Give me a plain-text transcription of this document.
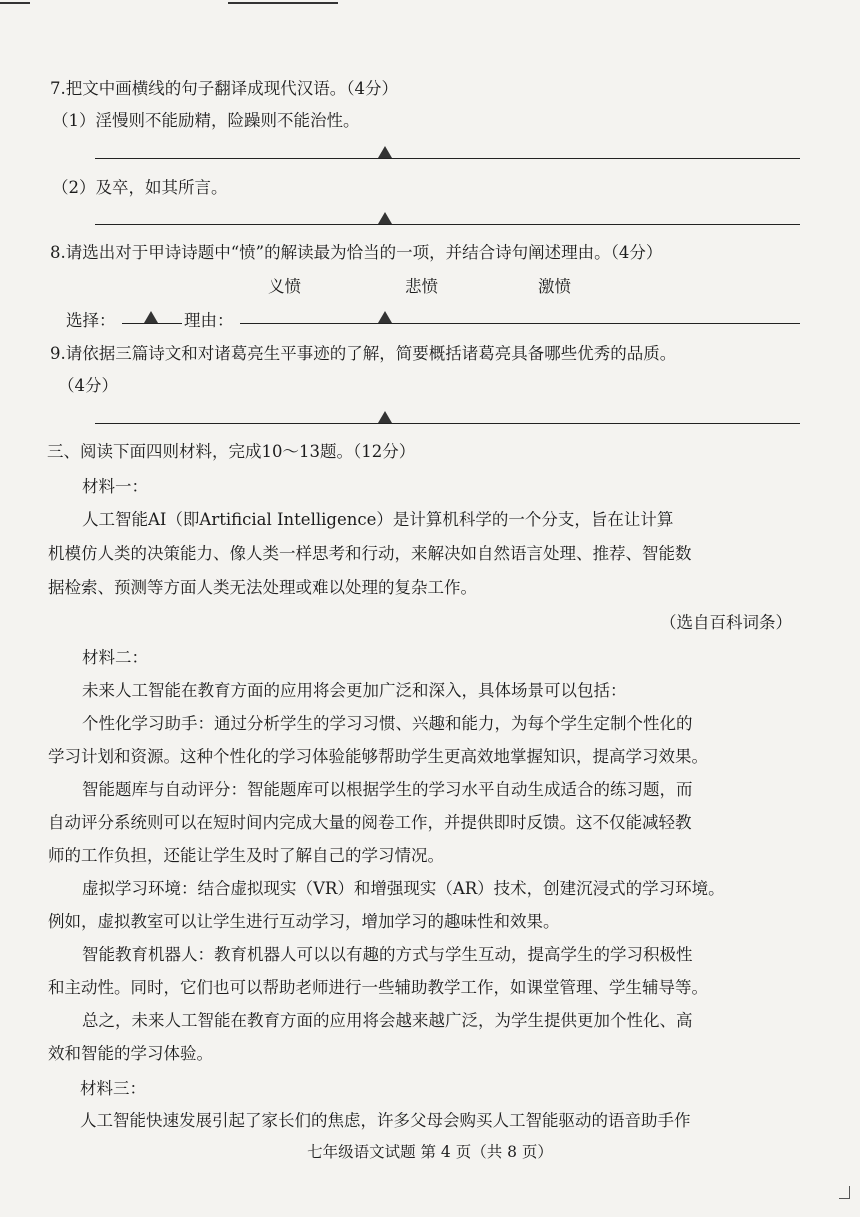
7.把文中画横线的句子翻译成现代汉语。（4分）
（1）淫慢则不能励精，险躁则不能治性。
（2）及卒，如其所言。
8.请选出对于甲诗诗题中“愤”的解读最为恰当的一项，并结合诗句阐述理由。（4分）
义愤	悲愤	激愤
选择：	理由：
9.请依据三篇诗文和对诸葛亮生平事迹的了解，简要概括诸葛亮具备哪些优秀的品质。
（4分）
三、阅读下面四则材料，完成10～13题。（12分）
材料一：
人工智能AI（即Artificial Intelligence）是计算机科学的一个分支，旨在让计算
机模仿人类的决策能力、像人类一样思考和行动，来解决如自然语言处理、推荐、智能数
据检索、预测等方面人类无法处理或难以处理的复杂工作。
（选自百科词条）
材料二：
未来人工智能在教育方面的应用将会更加广泛和深入，具体场景可以包括：
个性化学习助手：通过分析学生的学习习惯、兴趣和能力，为每个学生定制个性化的
学习计划和资源。这种个性化的学习体验能够帮助学生更高效地掌握知识，提高学习效果。
智能题库与自动评分：智能题库可以根据学生的学习水平自动生成适合的练习题，而
自动评分系统则可以在短时间内完成大量的阅卷工作，并提供即时反馈。这不仅能减轻教
师的工作负担，还能让学生及时了解自己的学习情况。
虚拟学习环境：结合虚拟现实（VR）和增强现实（AR）技术，创建沉浸式的学习环境。
例如，虚拟教室可以让学生进行互动学习，增加学习的趣味性和效果。
智能教育机器人：教育机器人可以以有趣的方式与学生互动，提高学生的学习积极性
和主动性。同时，它们也可以帮助老师进行一些辅助教学工作，如课堂管理、学生辅导等。
总之，未来人工智能在教育方面的应用将会越来越广泛，为学生提供更加个性化、高
效和智能的学习体验。
材料三：
人工智能快速发展引起了家长们的焦虑，许多父母会购买人工智能驱动的语音助手作
七年级语文试题 第 4 页（共 8 页）
